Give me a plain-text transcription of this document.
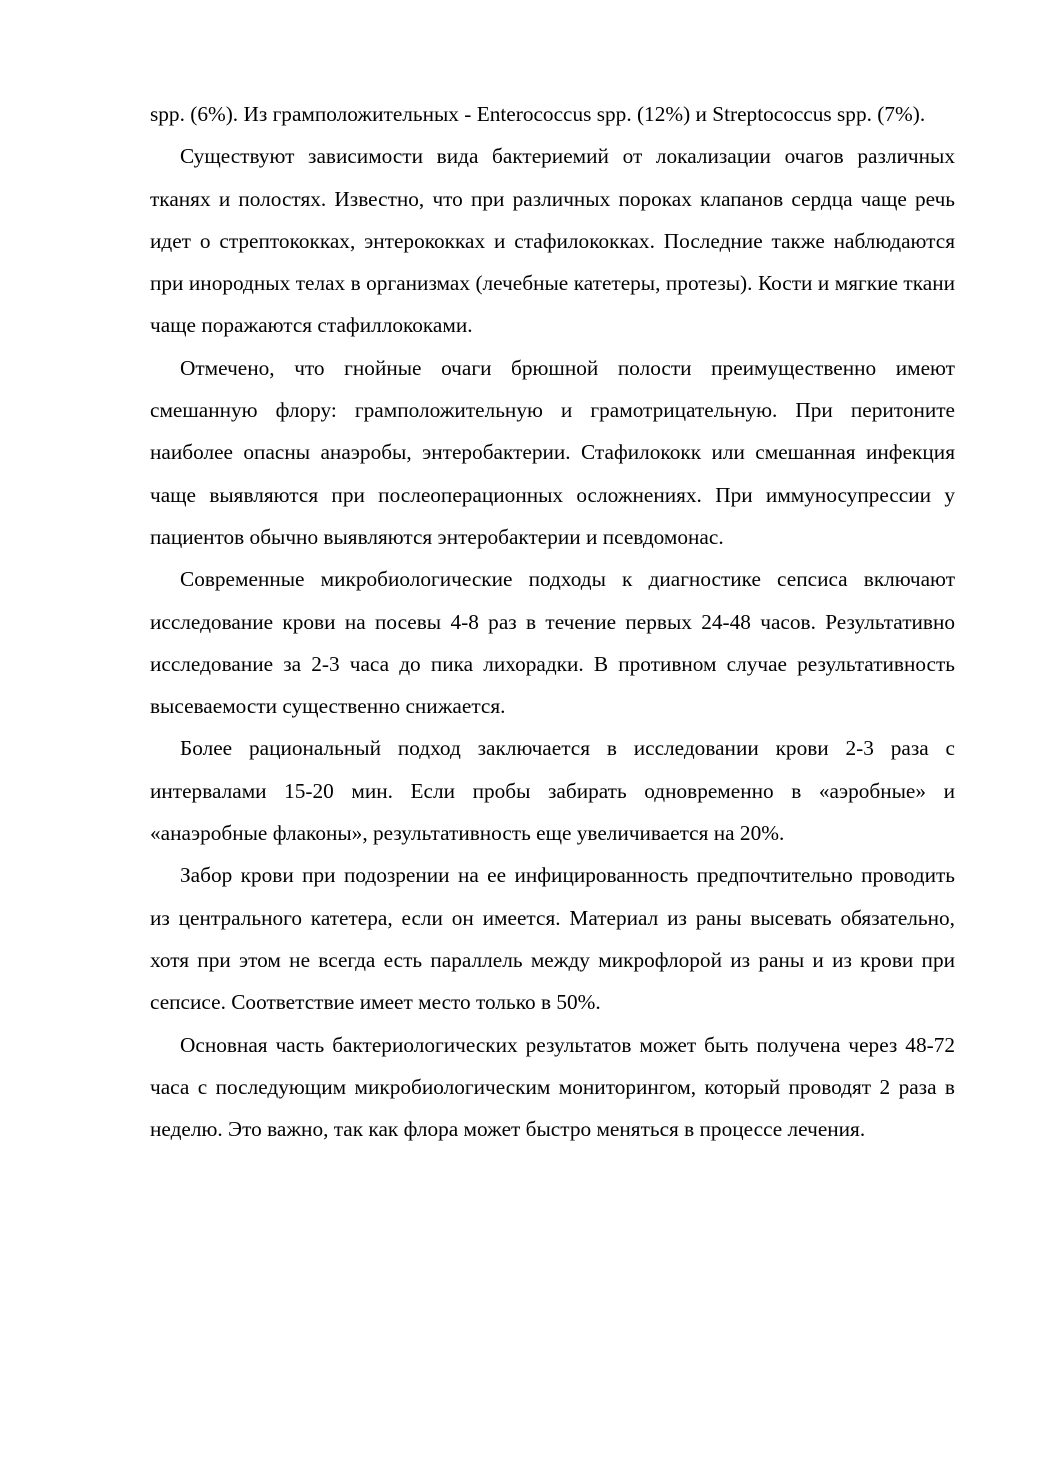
spp. (6%). Из грамположительных - Enterococcus spp. (12%) и Streptococcus spp. (7%).

Существуют зависимости вида бактериемий от локализации очагов различных тканях и полостях. Известно, что при различных пороках клапанов сердца чаще речь идет о стрептококках, энтерококках и стафилококках. Последние также наблюдаются при инородных телах в организмах (лечебные катетеры, протезы). Кости и мягкие ткани чаще поражаются стафиллококами.

Отмечено, что гнойные очаги брюшной полости преимущественно имеют смешанную флору: грамположительную и грамотрицательную. При перитоните наиболее опасны анаэробы, энтеробактерии. Стафилококк или смешанная инфекция чаще выявляются при послеоперационных осложнениях. При иммуносупрессии у пациентов обычно выявляются энтеробактерии и псевдомонас.

Современные микробиологические подходы к диагностике сепсиса включают исследование крови на посевы 4-8 раз в течение первых 24-48 часов. Результативно исследование за 2-3 часа до пика лихорадки. В противном случае результативность высеваемости существенно снижается.

Более рациональный подход заключается в исследовании крови 2-3 раза с интервалами 15-20 мин. Если пробы забирать одновременно в «аэробные» и «анаэробные флаконы», результативность еще увеличивается на 20%.

Забор крови при подозрении на ее инфицированность предпочтительно проводить из центрального катетера, если он имеется. Материал из раны высевать обязательно, хотя при этом не всегда есть параллель между микрофлорой из раны и из крови при сепсисе. Соответствие имеет место только в 50%.

Основная часть бактериологических результатов может быть получена через 48-72 часа с последующим микробиологическим мониторингом, который проводят 2 раза в неделю. Это важно, так как флора может быстро меняться в процессе лечения.
